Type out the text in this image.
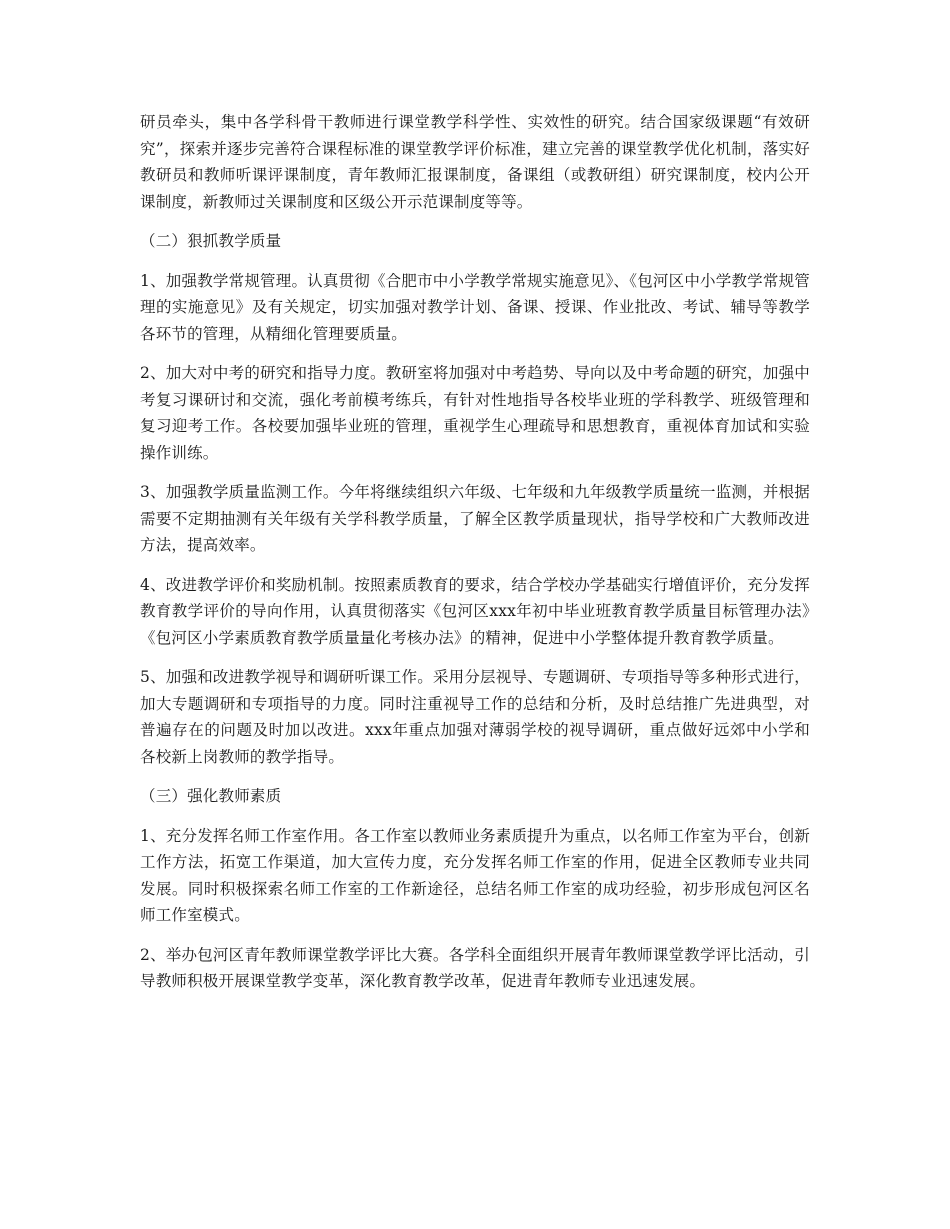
研员牵头，集中各学科骨干教师进行课堂教学科学性、实效性的研究。结合国家级课题“有效研究”，探索并逐步完善符合课程标准的课堂教学评价标准，建立完善的课堂教学优化机制，落实好教研员和教师听课评课制度，青年教师汇报课制度，备课组（或教研组）研究课制度，校内公开课制度，新教师过关课制度和区级公开示范课制度等等。

（二）狠抓教学质量

1、加强教学常规管理。认真贯彻《合肥市中小学教学常规实施意见》、《包河区中小学教学常规管理的实施意见》及有关规定，切实加强对教学计划、备课、授课、作业批改、考试、辅导等教学各环节的管理，从精细化管理要质量。

2、加大对中考的研究和指导力度。教研室将加强对中考趋势、导向以及中考命题的研究，加强中考复习课研讨和交流，强化考前模考练兵，有针对性地指导各校毕业班的学科教学、班级管理和复习迎考工作。各校要加强毕业班的管理，重视学生心理疏导和思想教育，重视体育加试和实验操作训练。

3、加强教学质量监测工作。今年将继续组织六年级、七年级和九年级教学质量统一监测，并根据需要不定期抽测有关年级有关学科教学质量，了解全区教学质量现状，指导学校和广大教师改进方法，提高效率。

4、改进教学评价和奖励机制。按照素质教育的要求，结合学校办学基础实行增值评价，充分发挥教育教学评价的导向作用，认真贯彻落实《包河区xxx年初中毕业班教育教学质量目标管理办法》《包河区小学素质教育教学质量量化考核办法》的精神，促进中小学整体提升教育教学质量。

5、加强和改进教学视导和调研听课工作。采用分层视导、专题调研、专项指导等多种形式进行，加大专题调研和专项指导的力度。同时注重视导工作的总结和分析，及时总结推广先进典型，对普遍存在的问题及时加以改进。xxx年重点加强对薄弱学校的视导调研，重点做好远郊中小学和各校新上岗教师的教学指导。

（三）强化教师素质

1、充分发挥名师工作室作用。各工作室以教师业务素质提升为重点，以名师工作室为平台，创新工作方法，拓宽工作渠道，加大宣传力度，充分发挥名师工作室的作用，促进全区教师专业共同发展。同时积极探索名师工作室的工作新途径，总结名师工作室的成功经验，初步形成包河区名师工作室模式。

2、举办包河区青年教师课堂教学评比大赛。各学科全面组织开展青年教师课堂教学评比活动，引导教师积极开展课堂教学变革，深化教育教学改革，促进青年教师专业迅速发展。
